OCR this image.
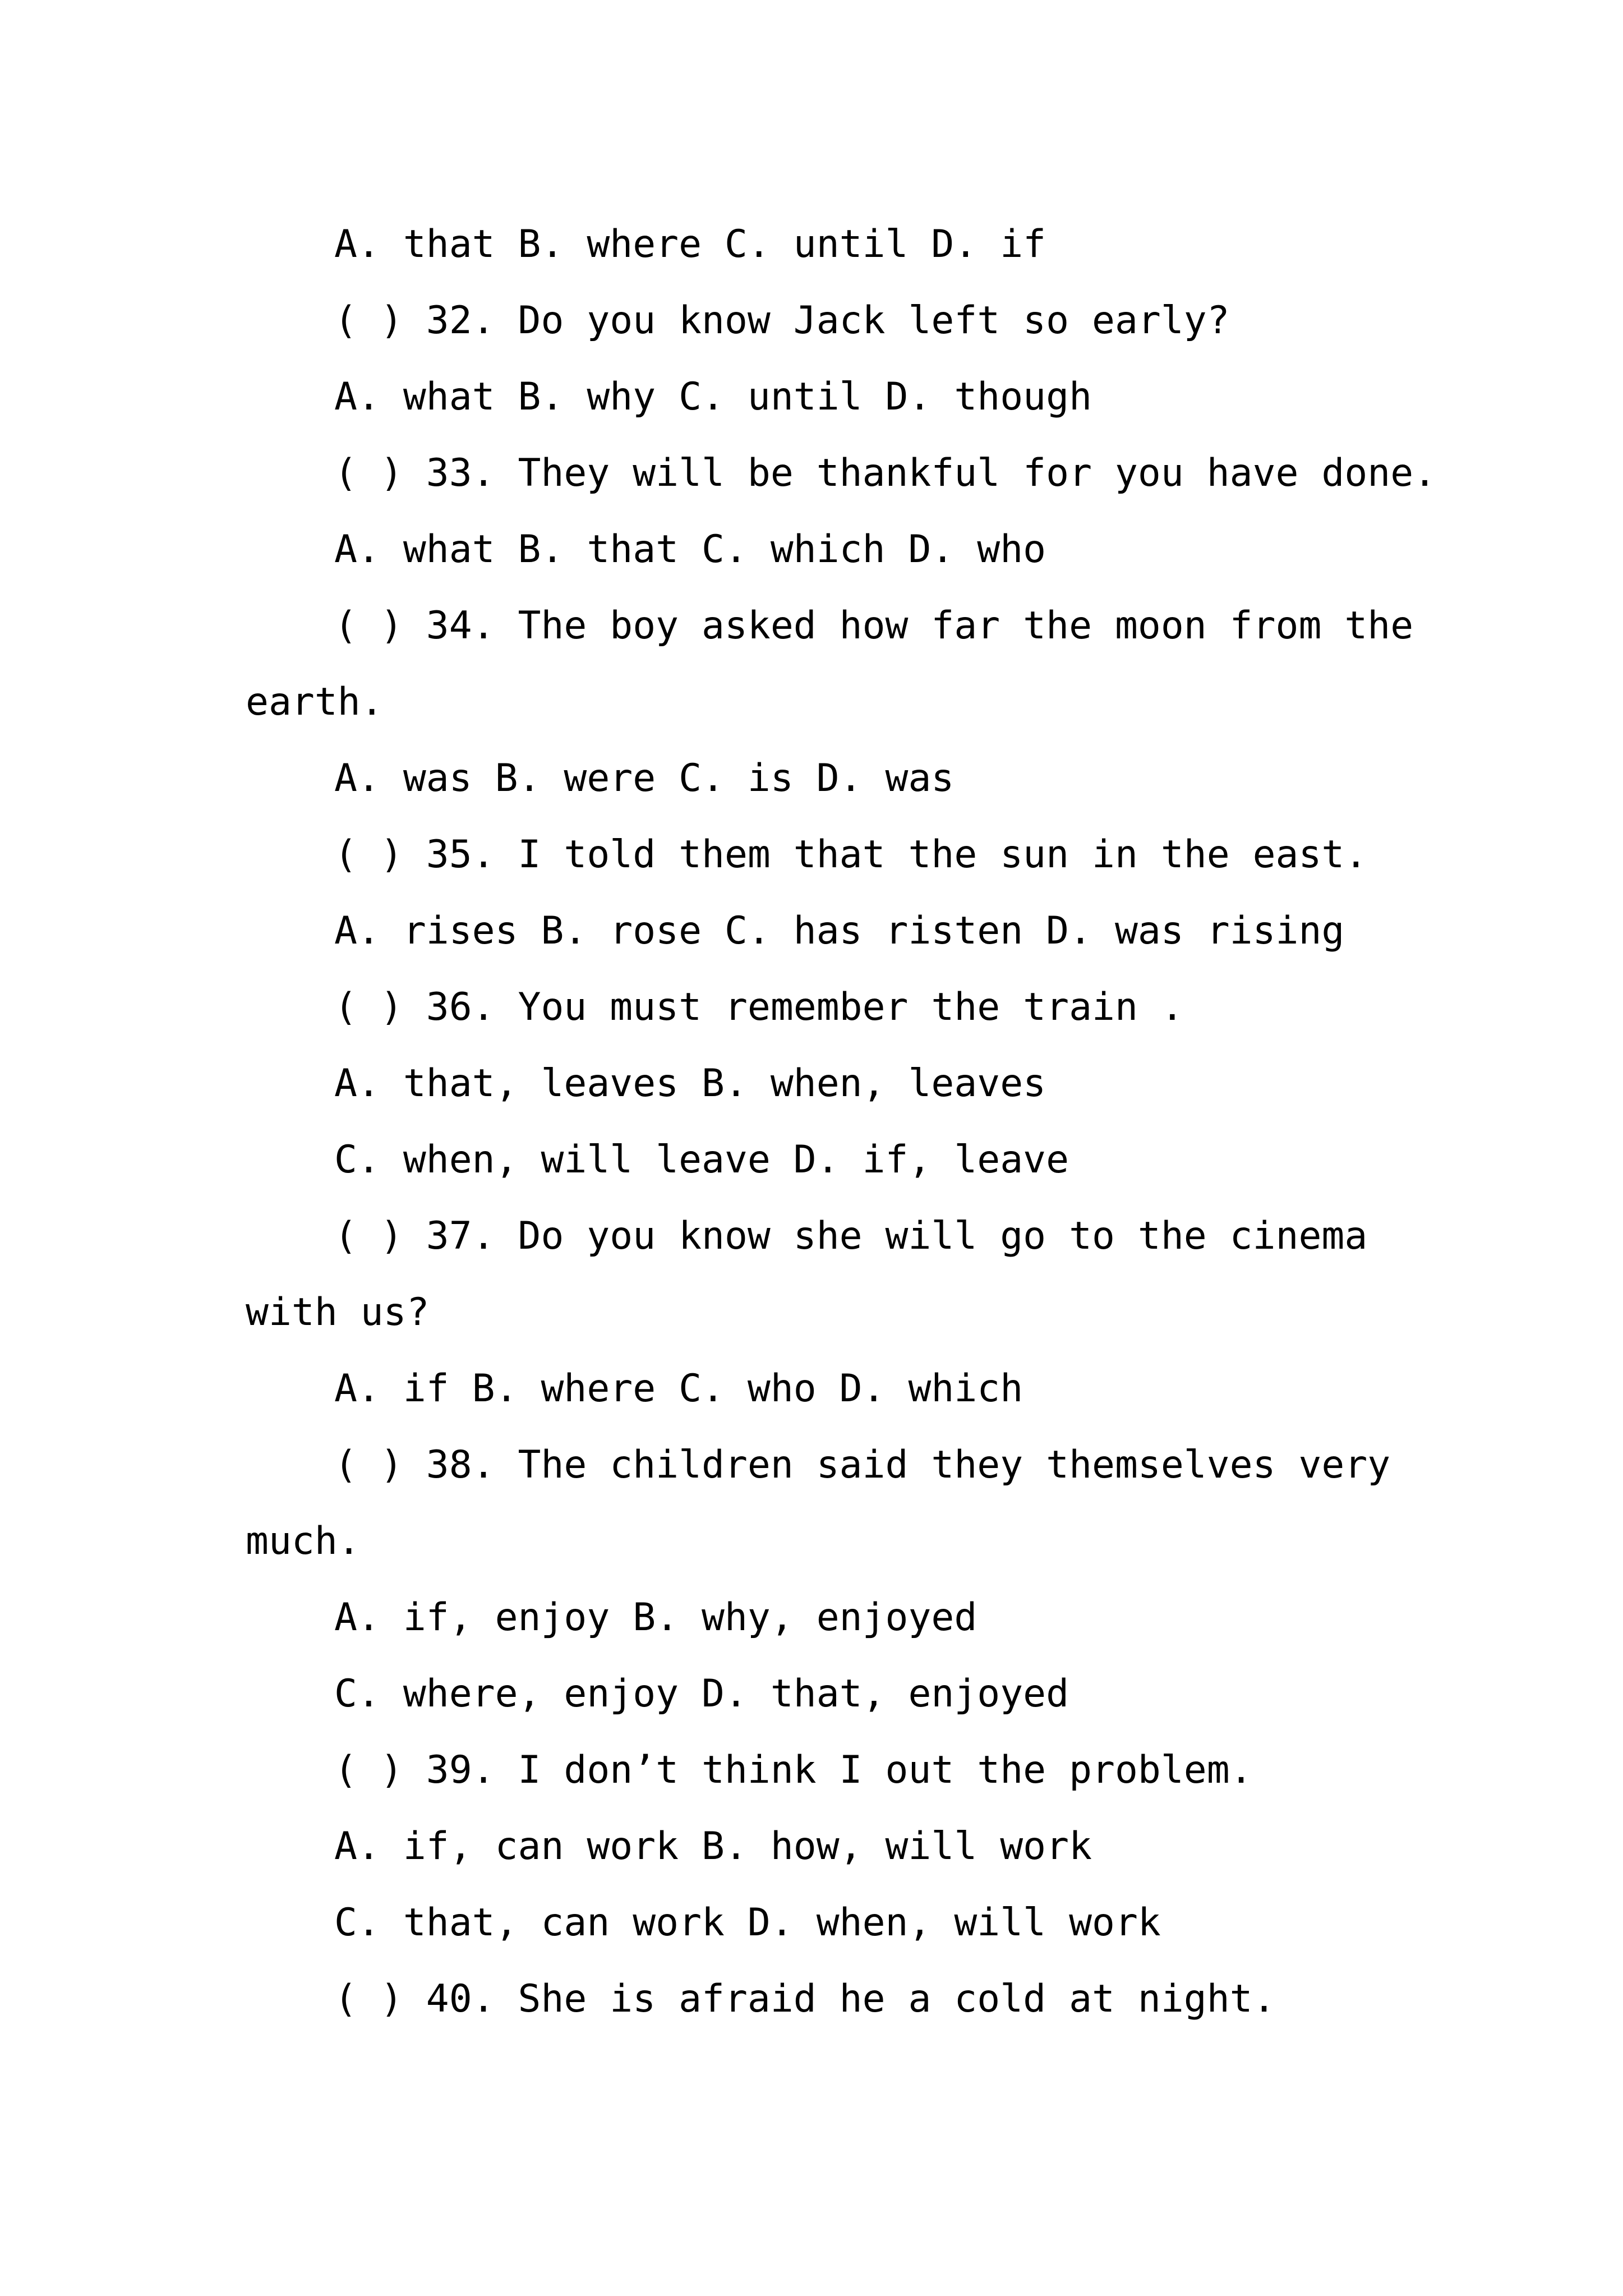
A. that B. where C. until D. if

( ) 32. Do you know Jack left so early?

A. what B. why C. until D. though

( ) 33. They will be thankful for you have done.

A. what B. that C. which D. who

( ) 34. The boy asked how far the moon from the

earth.

A. was B. were C. is D. was

( ) 35. I told them that the sun in the east.

A. rises B. rose C. has risten D. was rising

( ) 36. You must remember the train .

A. that, leaves B. when, leaves

C. when, will leave D. if, leave

( ) 37. Do you know she will go to the cinema

with us?

A. if B. where C. who D. which

( ) 38. The children said they themselves very

much.

A. if, enjoy B. why, enjoyed

C. where, enjoy D. that, enjoyed

( ) 39. I don’t think I out the problem.

A. if, can work B. how, will work

C. that, can work D. when, will work

( ) 40. She is afraid he a cold at night.
